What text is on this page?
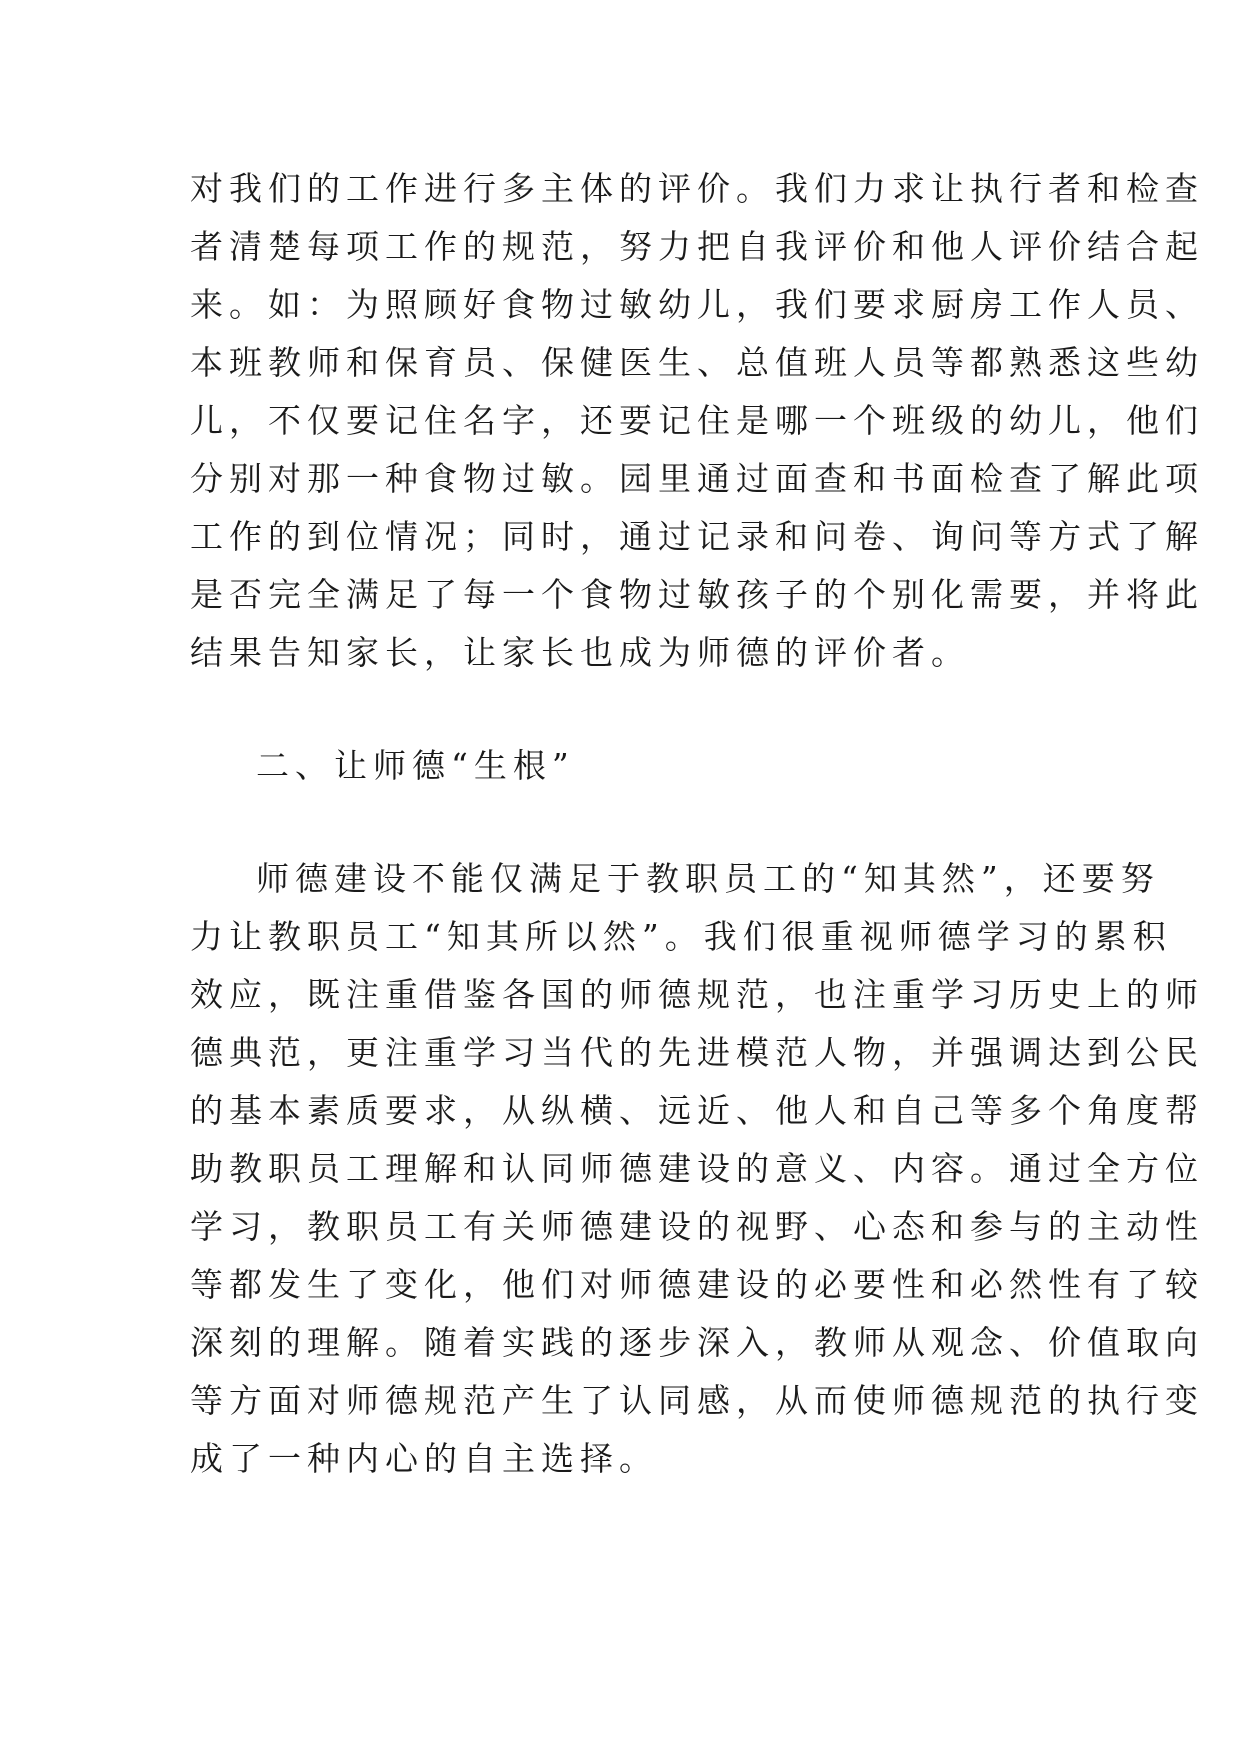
对我们的工作进行多主体的评价。我们力求让执行者和检查
者清楚每项工作的规范，努力把自我评价和他人评价结合起
来。如：为照顾好食物过敏幼儿，我们要求厨房工作人员、
本班教师和保育员、保健医生、总值班人员等都熟悉这些幼
儿，不仅要记住名字，还要记住是哪一个班级的幼儿，他们
分别对那一种食物过敏。园里通过面查和书面检查了解此项
工作的到位情况；同时，通过记录和问卷、询问等方式了解
是否完全满足了每一个食物过敏孩子的个别化需要，并将此
结果告知家长，让家长也成为师德的评价者。
二、让师德“生根”
师德建设不能仅满足于教职员工的“知其然”，还要努
力让教职员工“知其所以然”。我们很重视师德学习的累积
效应，既注重借鉴各国的师德规范，也注重学习历史上的师
德典范，更注重学习当代的先进模范人物，并强调达到公民
的基本素质要求，从纵横、远近、他人和自己等多个角度帮
助教职员工理解和认同师德建设的意义、内容。通过全方位
学习，教职员工有关师德建设的视野、心态和参与的主动性
等都发生了变化，他们对师德建设的必要性和必然性有了较
深刻的理解。随着实践的逐步深入，教师从观念、价值取向
等方面对师德规范产生了认同感，从而使师德规范的执行变
成了一种内心的自主选择。
